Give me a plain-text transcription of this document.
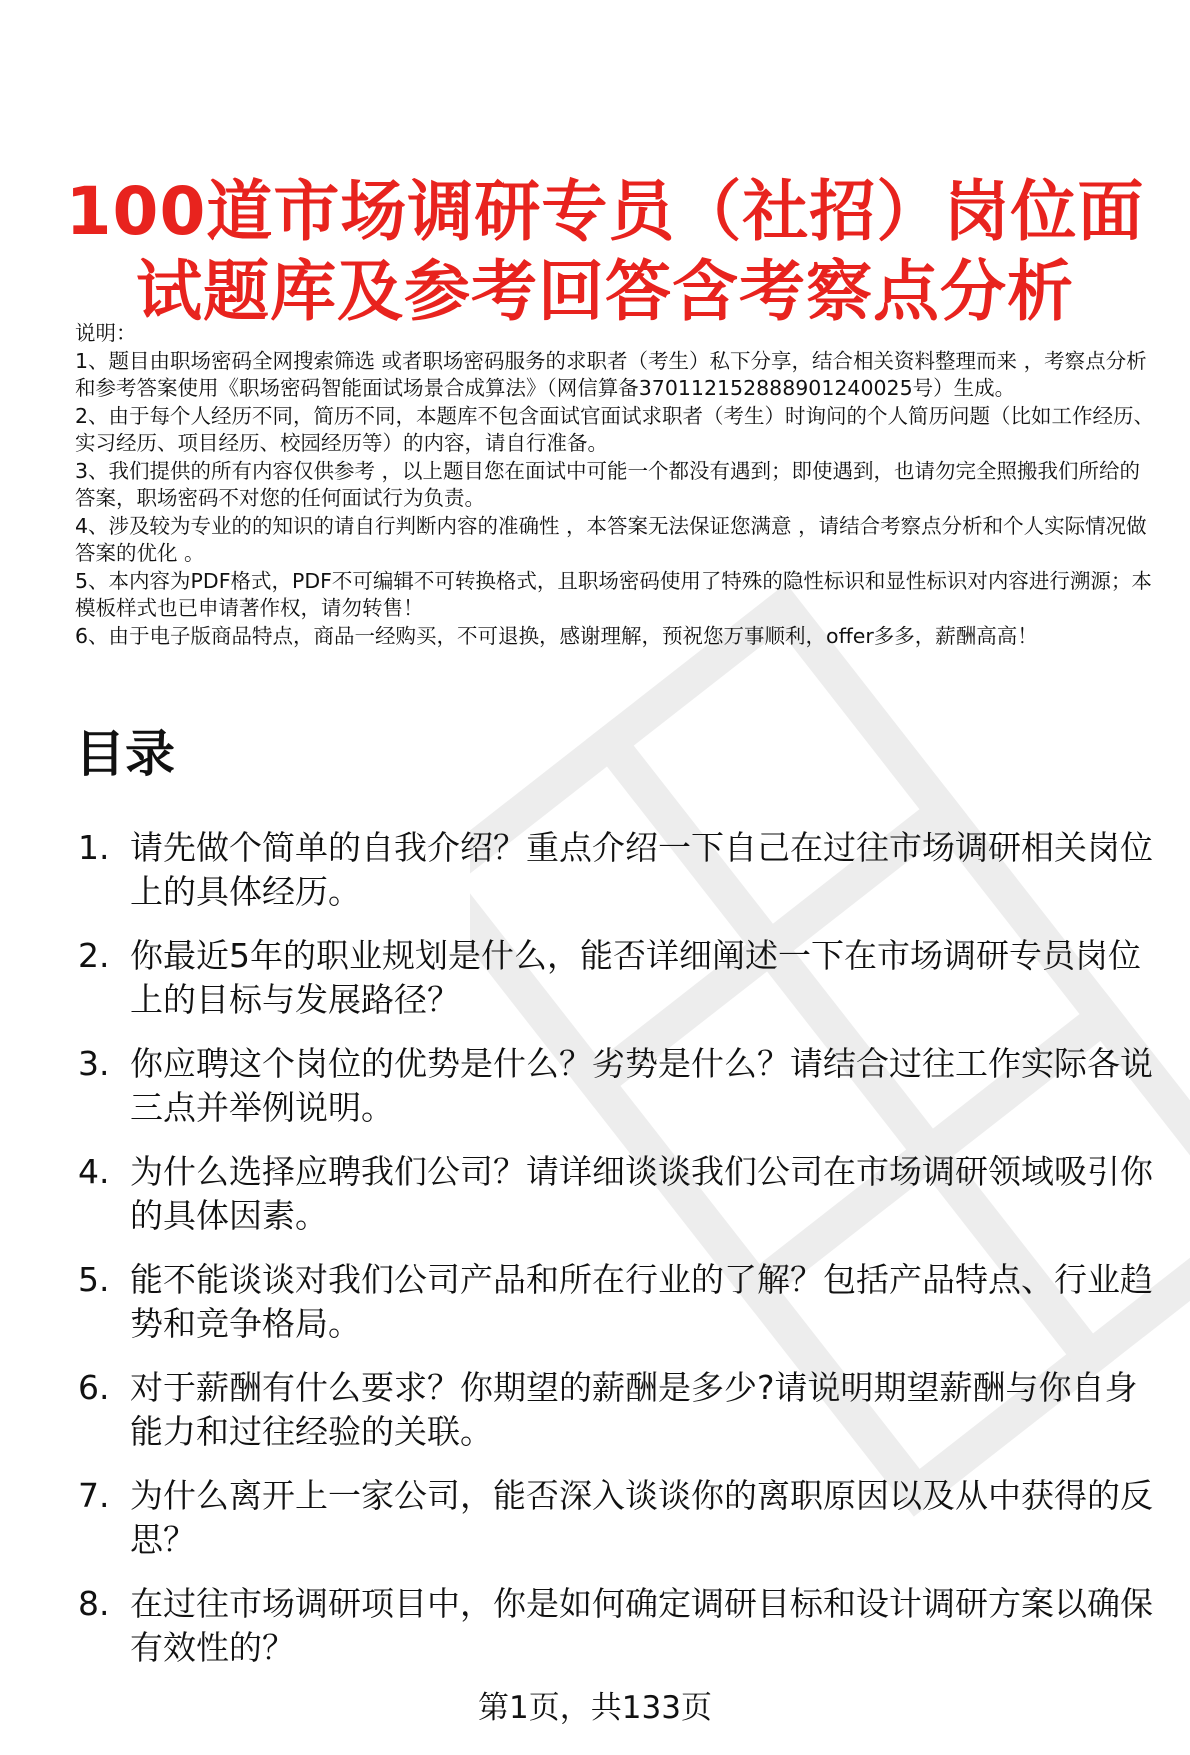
100道市场调研专员（社招）岗位面试题库及参考回答含考察点分析

说明：

1、题目由职场密码全网搜索筛选 或者职场密码服务的求职者（考生）私下分享，结合相关资料整理而来 ，考察点分析和参考答案使用《职场密码智能面试场景合成算法》（网信算备370112152888901240025号）生成。

2、由于每个人经历不同，简历不同，本题库不包含面试官面试求职者（考生）时询问的个人简历问题（比如工作经历、实习经历、项目经历、校园经历等）的内容，请自行准备。

3、我们提供的所有内容仅供参考 ，以上题目您在面试中可能一个都没有遇到；即使遇到，也请勿完全照搬我们所给的答案，职场密码不对您的任何面试行为负责。

4、涉及较为专业的的知识的请自行判断内容的准确性 ，本答案无法保证您满意 ，请结合考察点分析和个人实际情况做答案的优化 。

5、本内容为PDF格式，PDF不可编辑不可转换格式，且职场密码使用了特殊的隐性标识和显性标识对内容进行溯源；本模板样式也已申请著作权，请勿转售！

6、由于电子版商品特点，商品一经购买，不可退换，感谢理解，预祝您万事顺利，offer多多，薪酬高高！

目录
1. 请先做个简单的自我介绍？重点介绍一下自己在过往市场调研相关岗位上的具体经历。
2. 你最近5年的职业规划是什么，能否详细阐述一下在市场调研专员岗位上的目标与发展路径？
3. 你应聘这个岗位的优势是什么？劣势是什么？请结合过往工作实际各说三点并举例说明。
4. 为什么选择应聘我们公司？请详细谈谈我们公司在市场调研领域吸引你的具体因素。
5. 能不能谈谈对我们公司产品和所在行业的了解？包括产品特点、行业趋势和竞争格局。
6. 对于薪酬有什么要求？你期望的薪酬是多少?请说明期望薪酬与你自身能力和过往经验的关联。
7. 为什么离开上一家公司，能否深入谈谈你的离职原因以及从中获得的反思？
8. 在过往市场调研项目中，你是如何确定调研目标和设计调研方案以确保有效性的？
第1页，共133页
